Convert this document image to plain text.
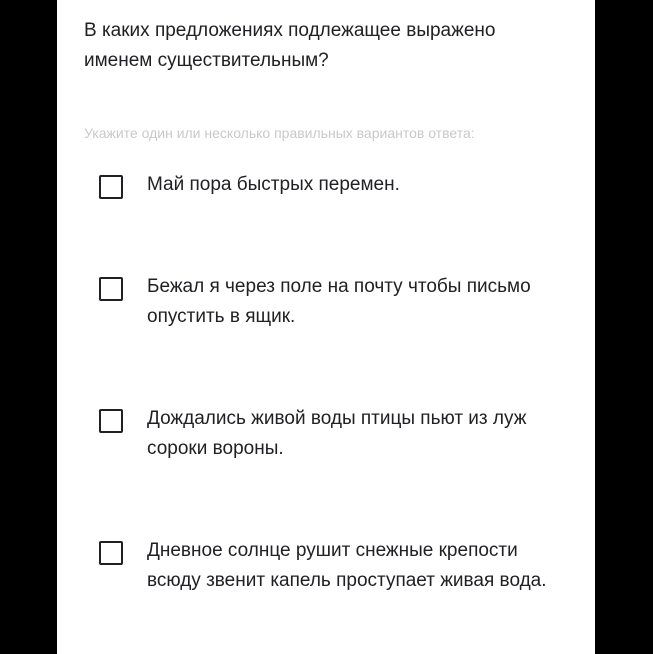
В каких предложениях подлежащее выражено именем существительным?
Укажите один или несколько правильных вариантов ответа:
Май пора быстрых перемен.
Бежал я через поле на почту чтобы письмо опустить в ящик.
Дождались живой воды птицы пьют из луж сороки вороны.
Дневное солнце рушит снежные крепости всюду звенит капель проступает живая вода.
